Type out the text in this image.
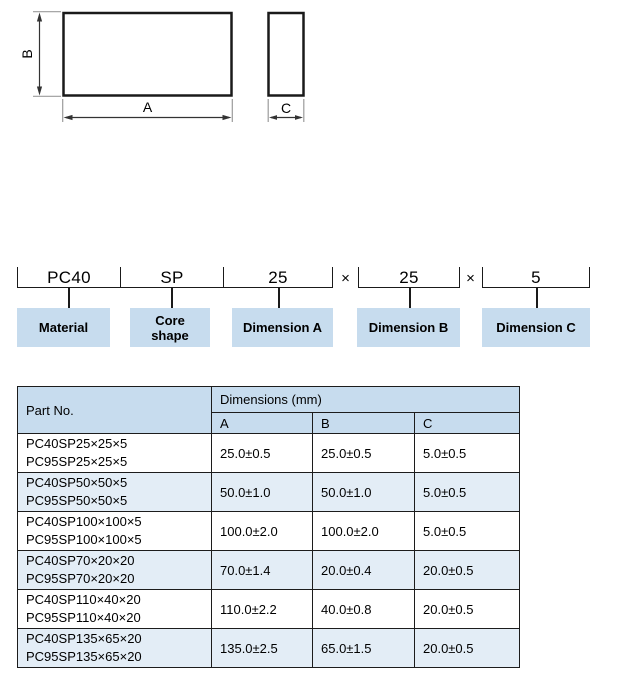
B
A	C
PC40	SP	25	×	25	×	5
Material	Core
shape	Dimension A	Dimension B	Dimension C
Part No.	Dimensions (mm)		
	A	B	C

PC40SP25×25×5
PC95SP25×25×5	25.0±0.5	25.0±0.5	5.0±0.5

PC40SP50×50×5
PC95SP50×50×5	50.0±1.0	50.0±1.0	5.0±0.5

PC40SP100×100×5
PC95SP100×100×5	100.0±2.0	100.0±2.0	5.0±0.5

PC40SP70×20×20
PC95SP70×20×20	70.0±1.4	20.0±0.4	20.0±0.5

PC40SP110×40×20
PC95SP110×40×20	110.0±2.2	40.0±0.8	20.0±0.5

PC40SP135×65×20
PC95SP135×65×20	135.0±2.5	65.0±1.5	20.0±0.5
